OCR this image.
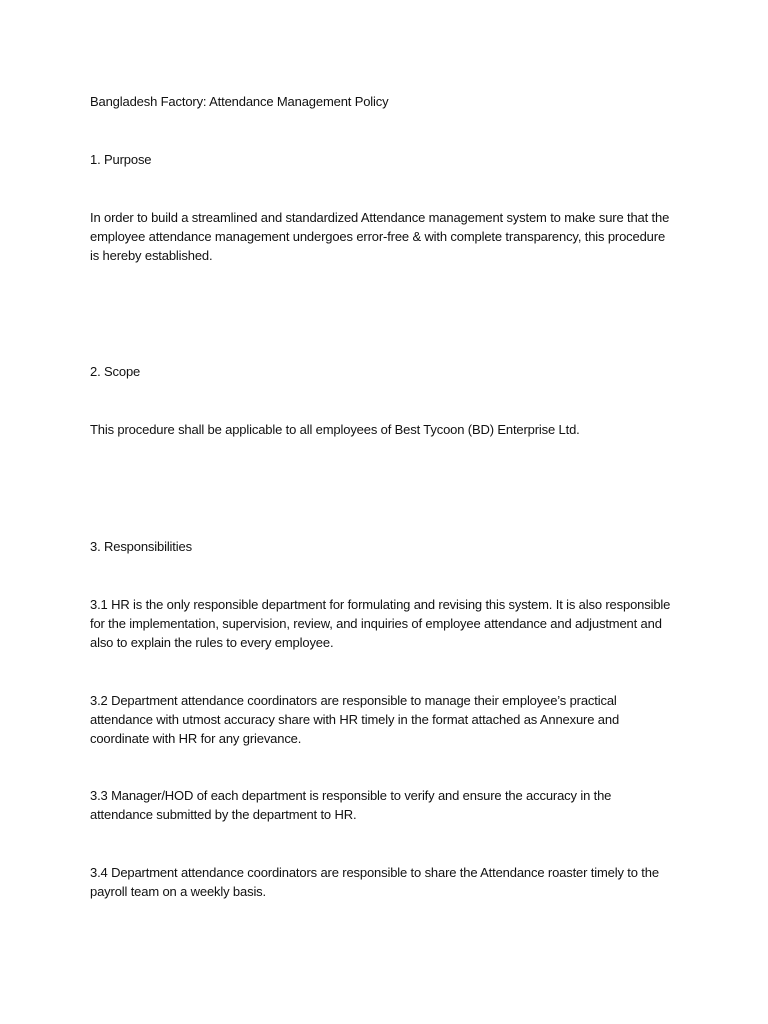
Bangladesh Factory: Attendance Management Policy

1. Purpose

In order to build a streamlined and standardized Attendance management system to make sure that the
employee attendance management undergoes error-free & with complete transparency, this procedure
is hereby established.

2. Scope

This procedure shall be applicable to all employees of Best Tycoon (BD) Enterprise Ltd.

3. Responsibilities

3.1 HR is the only responsible department for formulating and revising this system. It is also responsible
for the implementation, supervision, review, and inquiries of employee attendance and adjustment and
also to explain the rules to every employee.
3.2 Department attendance coordinators are responsible to manage their employee’s practical
attendance with utmost accuracy share with HR timely in the format attached as Annexure and
coordinate with HR for any grievance.
3.3 Manager/HOD of each department is responsible to verify and ensure the accuracy in the
attendance submitted by the department to HR.
3.4 Department attendance coordinators are responsible to share the Attendance roaster timely to the
payroll team on a weekly basis.
